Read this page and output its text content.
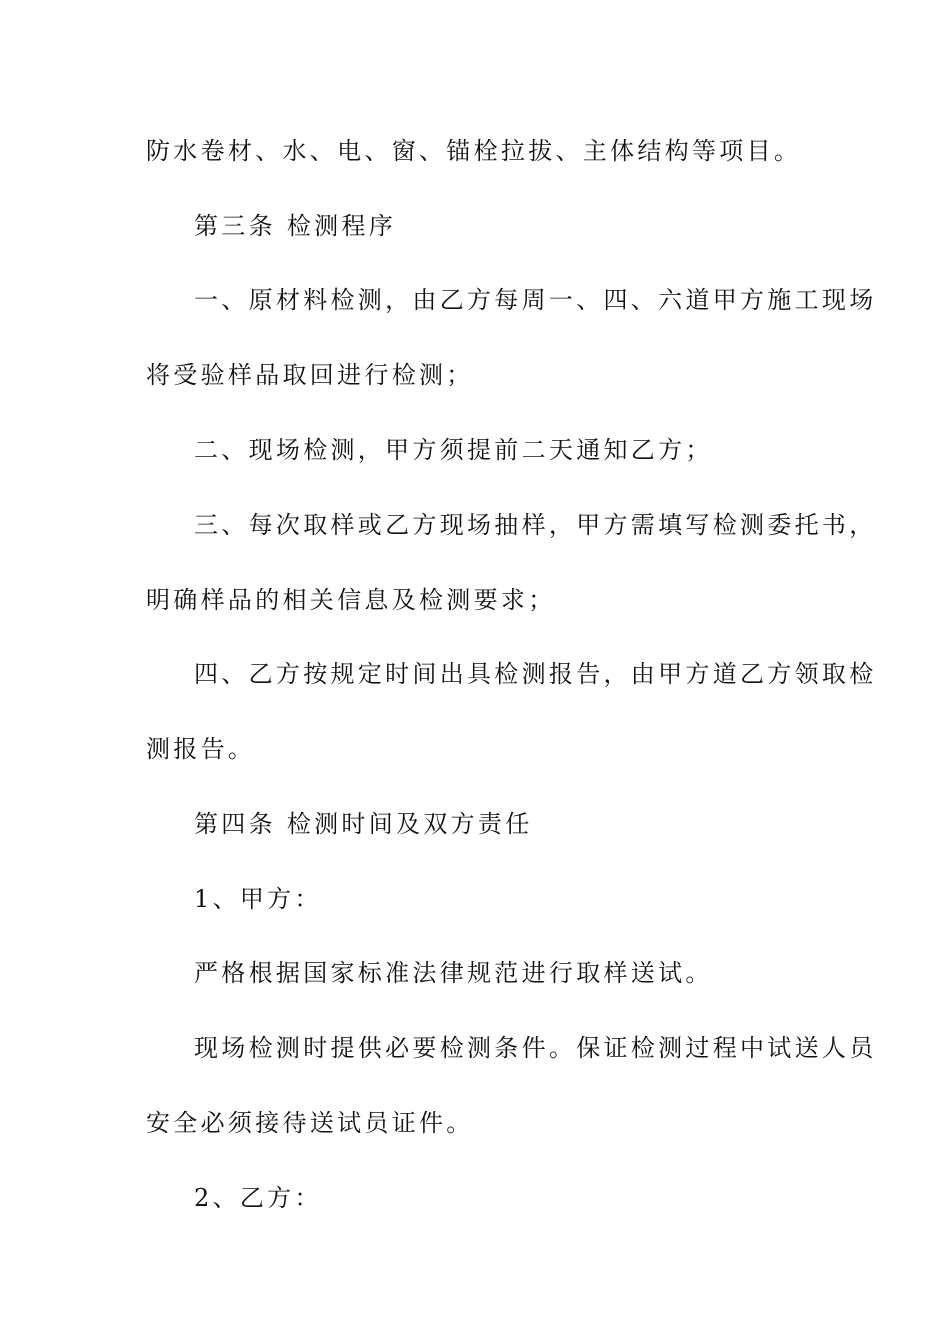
防水卷材、水、电、窗、锚栓拉拔、主体结构等项目。
第三条 检测程序
一、原材料检测，由乙方每周一、四、六道甲方施工现场
将受验样品取回进行检测；
二、现场检测，甲方须提前二天通知乙方；
三、每次取样或乙方现场抽样，甲方需填写检测委托书，
明确样品的相关信息及检测要求；
四、乙方按规定时间出具检测报告，由甲方道乙方领取检
测报告。
第四条 检测时间及双方责任
1、甲方：
严格根据国家标准法律规范进行取样送试。
现场检测时提供必要检测条件。保证检测过程中试送人员
安全必须接待送试员证件。
2、乙方：
